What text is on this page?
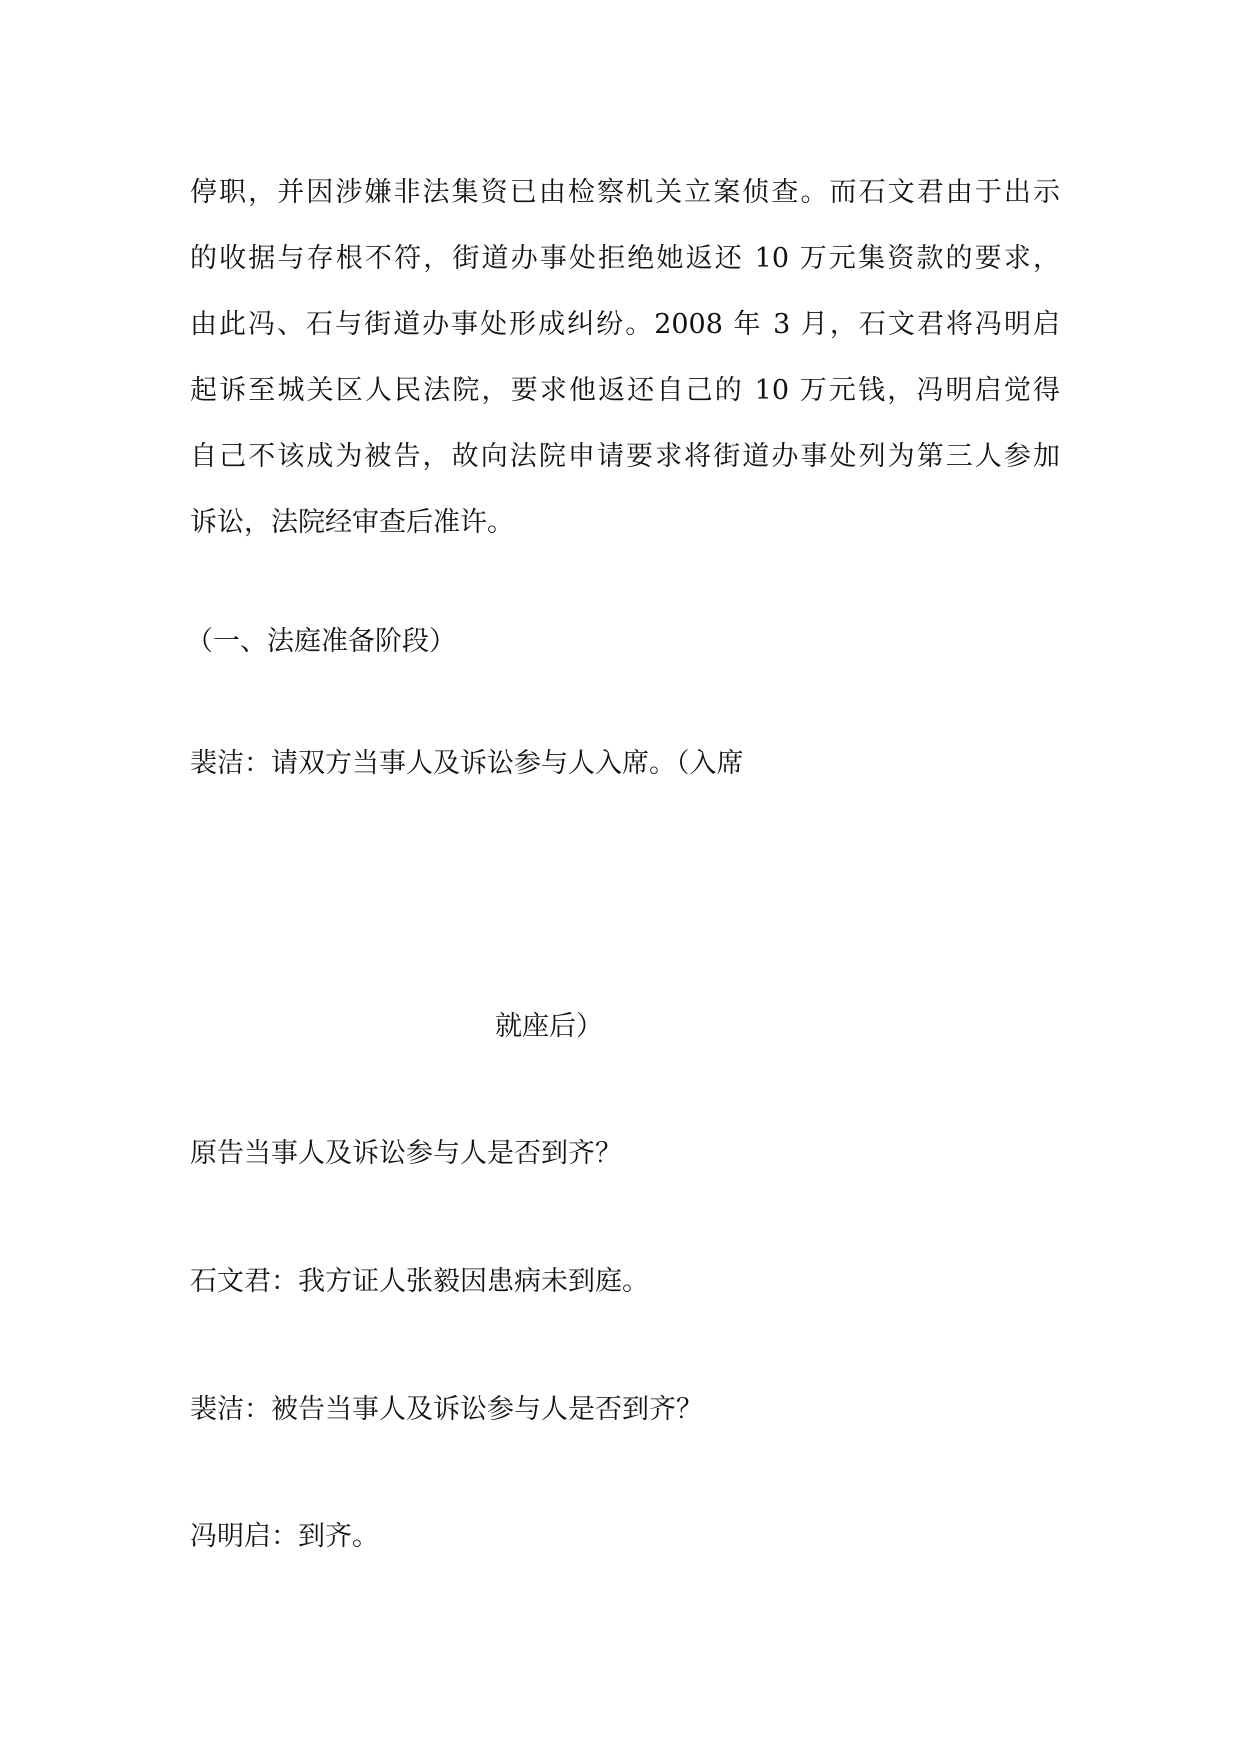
停职，并因涉嫌非法集资已由检察机关立案侦查。而石文君由于出示
的收据与存根不符，街道办事处拒绝她返还 10 万元集资款的要求，
由此冯、石与街道办事处形成纠纷。2008 年 3 月，石文君将冯明启
起诉至城关区人民法院，要求他返还自己的 10 万元钱，冯明启觉得
自己不该成为被告，故向法院申请要求将街道办事处列为第三人参加
诉讼，法院经审查后准许。
（一、法庭准备阶段）
裴洁：请双方当事人及诉讼参与人入席。（入席
就座后）
原告当事人及诉讼参与人是否到齐？
石文君：我方证人张毅因患病未到庭。
裴洁：被告当事人及诉讼参与人是否到齐？
冯明启：到齐。
